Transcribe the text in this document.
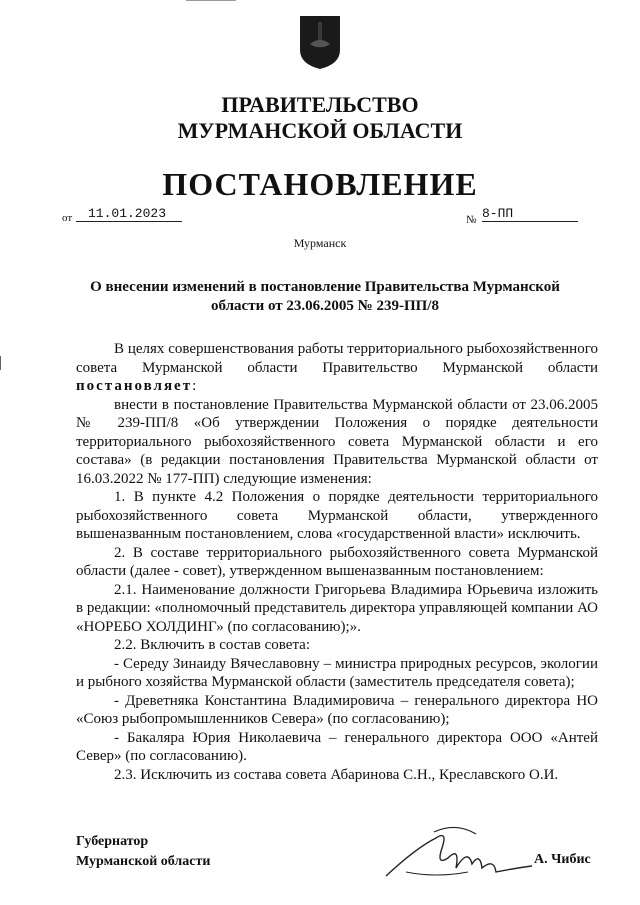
ПРАВИТЕЛЬСТВО
МУРМАНСКОЙ ОБЛАСТИ
ПОСТАНОВЛЕНИЕ
от	11.01.2023	№ 8-ПП
Мурманск
О внесении изменений в постановление Правительства Мурманской
области от 23.06.2005 № 239-ПП/8

В целях совершенствования работы территориального рыбохозяйственного совета Мурманской области Правительство Мурманской области постановляет:

внести в постановление Правительства Мурманской области от 23.06.2005 № 239-ПП/8 «Об утверждении Положения о порядке деятельности территориального рыбохозяйственного совета Мурманской области и его состава» (в редакции постановления Правительства Мурманской области от 16.03.2022 № 177-ПП) следующие изменения:

1. В пункте 4.2 Положения о порядке деятельности территориального рыбохозяйственного совета Мурманской области, утвержденного вышеназванным постановлением, слова «государственной власти» исключить.

2. В составе территориального рыбохозяйственного совета Мурманской области (далее - совет), утвержденном вышеназванным постановлением:

2.1. Наименование должности Григорьева Владимира Юрьевича изложить в редакции: «полномочный представитель директора управляющей компании АО «НОРЕБО ХОЛДИНГ» (по согласованию);».

2.2. Включить в состав совета:

- Середу Зинаиду Вячеславовну – министра природных ресурсов, экологии и рыбного хозяйства Мурманской области (заместитель председателя совета);

- Древетняка Константина Владимировича – генерального директора НО «Союз рыбопромышленников Севера» (по согласованию);

- Бакаляра Юрия Николаевича – генерального директора ООО «Антей Север» (по согласованию).

2.3. Исключить из состава совета Абаринова С.Н., Креславского О.И.

Губернатор
Мурманской области	А. Чибис
